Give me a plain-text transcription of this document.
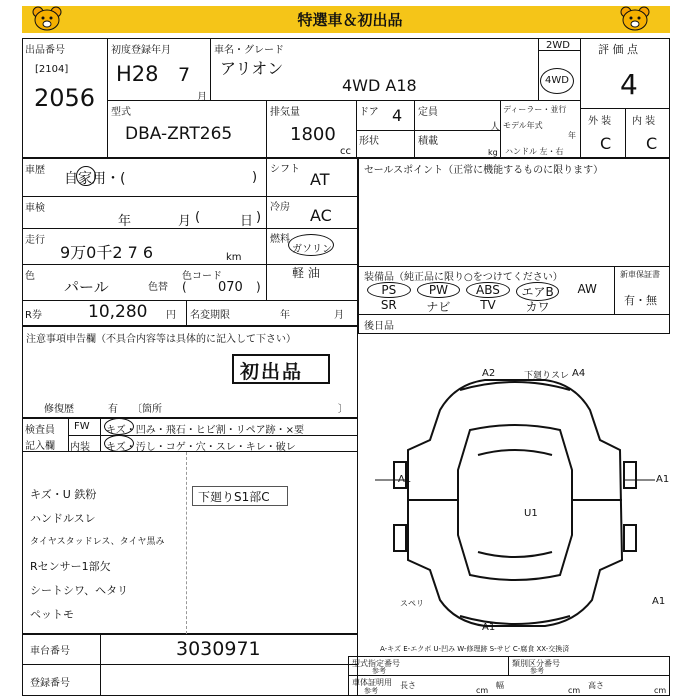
特選車＆初出品
出品番号
[2104]
2056
初度登録年月
H28 7
月
車名・グレード
アリオン
4WD A18
2WD
4WD
評 価 点
4
外 装 内 装
C C
型式
DBA-ZRT265
排気量
1800
cc
ドア 4 定員
人
形状	積載
kg
ディーラー・並行
モデル年式
年
ハンドル 左・右
車歴
自家用・(	)
車検
年	月 (	日 )
走行
9万0千2 7 6	km
色
パール	色替
色コード
( 070 )
R券	10,280 円 名変期限	年	月
シフト
AT
冷房 AC
燃料
ガソリン
軽 油
セールスポイント（正常に機能するものに限ります）
装備品（純正品に限り○をつけてください）	新車保証書
有・無
後日品
PS	PW	ABS	エアB	AW
SR	ナビ	TV	カワ
注意事項申告欄（不具合内容等は具体的に記入して下さい）
初出品
修復歴	有 〔箇所	〕
検査員
記入欄
FW
内装
キズ・凹み・飛石・ヒビ割・リペア跡・×要
キズ・汚し・コゲ・穴・スレ・キレ・破レ
キズ・U 鉄粉
ハンドルスレ
タイヤスタッドレス、タイヤ黒み
Rセンサー1部欠
シートシワ、ヘタリ
ペットモ
下廻りS1部C
A2	下廻りスレ A4
A1	A1
U1
スペリ	A1
A1
A-キズ E-エクボ U-凹み W-修理跡 S-サビ C-腐食 XX-交換済
車台番号	3030971
登録番号
型式指定番号
参考
類別区分番号
参考
車体証明用
参考
長さ
cm
幅
cm
高さ
cm
